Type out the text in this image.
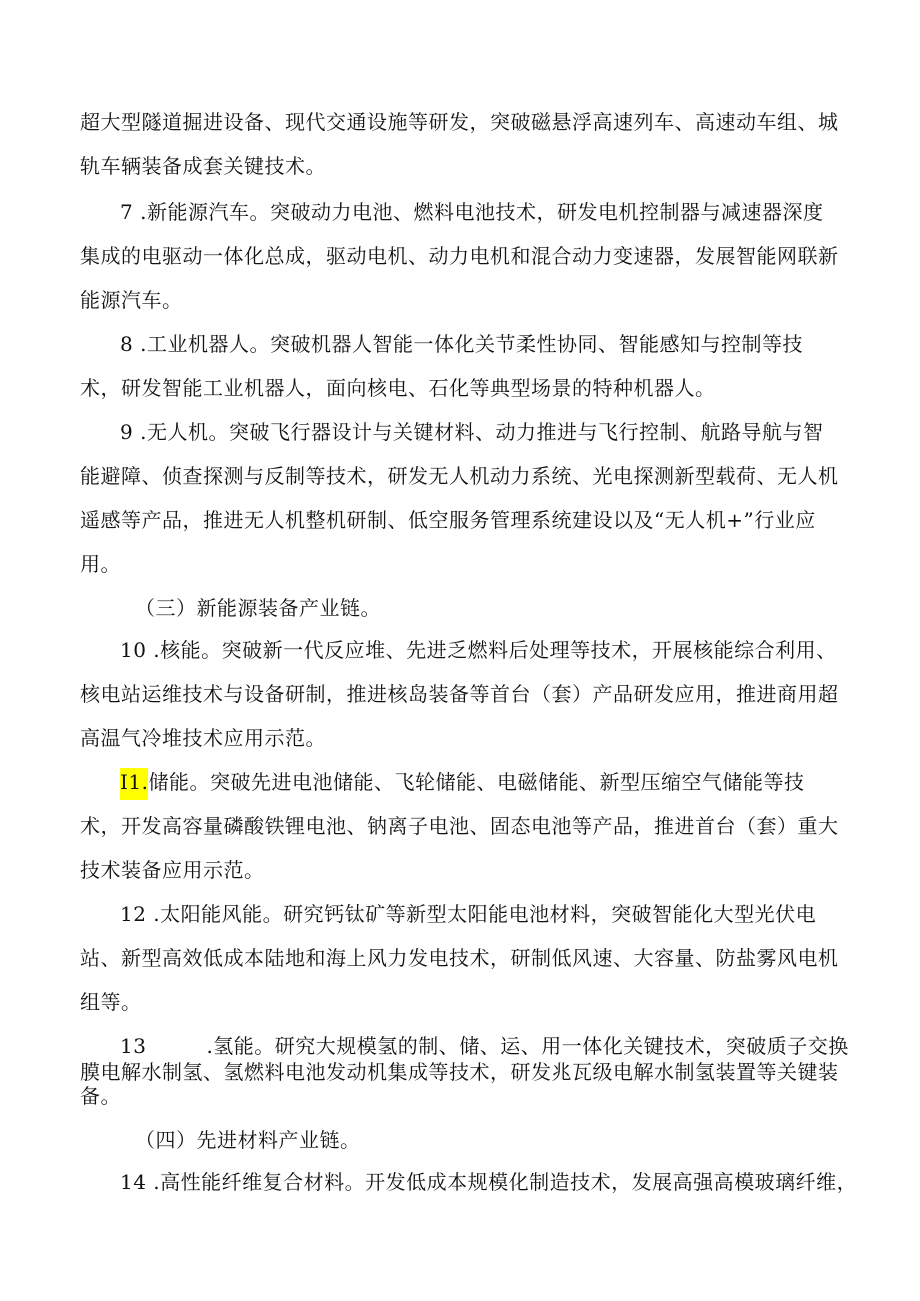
超大型隧道掘进设备、现代交通设施等研发，突破磁悬浮高速列车、高速动车组、城
轨车辆装备成套关键技术。
7 .新能源汽车。突破动力电池、燃料电池技术，研发电机控制器与减速器深度
集成的电驱动一体化总成，驱动电机、动力电机和混合动力变速器，发展智能网联新
能源汽车。
8 .工业机器人。突破机器人智能一体化关节柔性协同、智能感知与控制等技
术，研发智能工业机器人，面向核电、石化等典型场景的特种机器人。
9 .无人机。突破飞行器设计与关键材料、动力推进与飞行控制、航路导航与智
能避障、侦查探测与反制等技术，研发无人机动力系统、光电探测新型载荷、无人机
遥感等产品，推进无人机整机研制、低空服务管理系统建设以及“无人机+”行业应
用。
（三）新能源装备产业链。
10 .核能。突破新一代反应堆、先进乏燃料后处理等技术，开展核能综合利用、
核电站运维技术与设备研制，推进核岛装备等首台（套）产品研发应用，推进商用超
高温气冷堆技术应用示范。
I1.储能。突破先进电池储能、飞轮储能、电磁储能、新型压缩空气储能等技
术，开发高容量磷酸铁锂电池、钠离子电池、固态电池等产品，推进首台（套）重大
技术装备应用示范。
12 .太阳能风能。研究钙钛矿等新型太阳能电池材料，突破智能化大型光伏电
站、新型高效低成本陆地和海上风力发电技术，研制低风速、大容量、防盐雾风电机
组等。
13	.氢能。研究大规模氢的制、储、运、用一体化关键技术，突破质子交换
膜电解水制氢、氢燃料电池发动机集成等技术，研发兆瓦级电解水制氢装置等关键装
备。
（四）先进材料产业链。
14 .高性能纤维复合材料。开发低成本规模化制造技术，发展高强高模玻璃纤维，
